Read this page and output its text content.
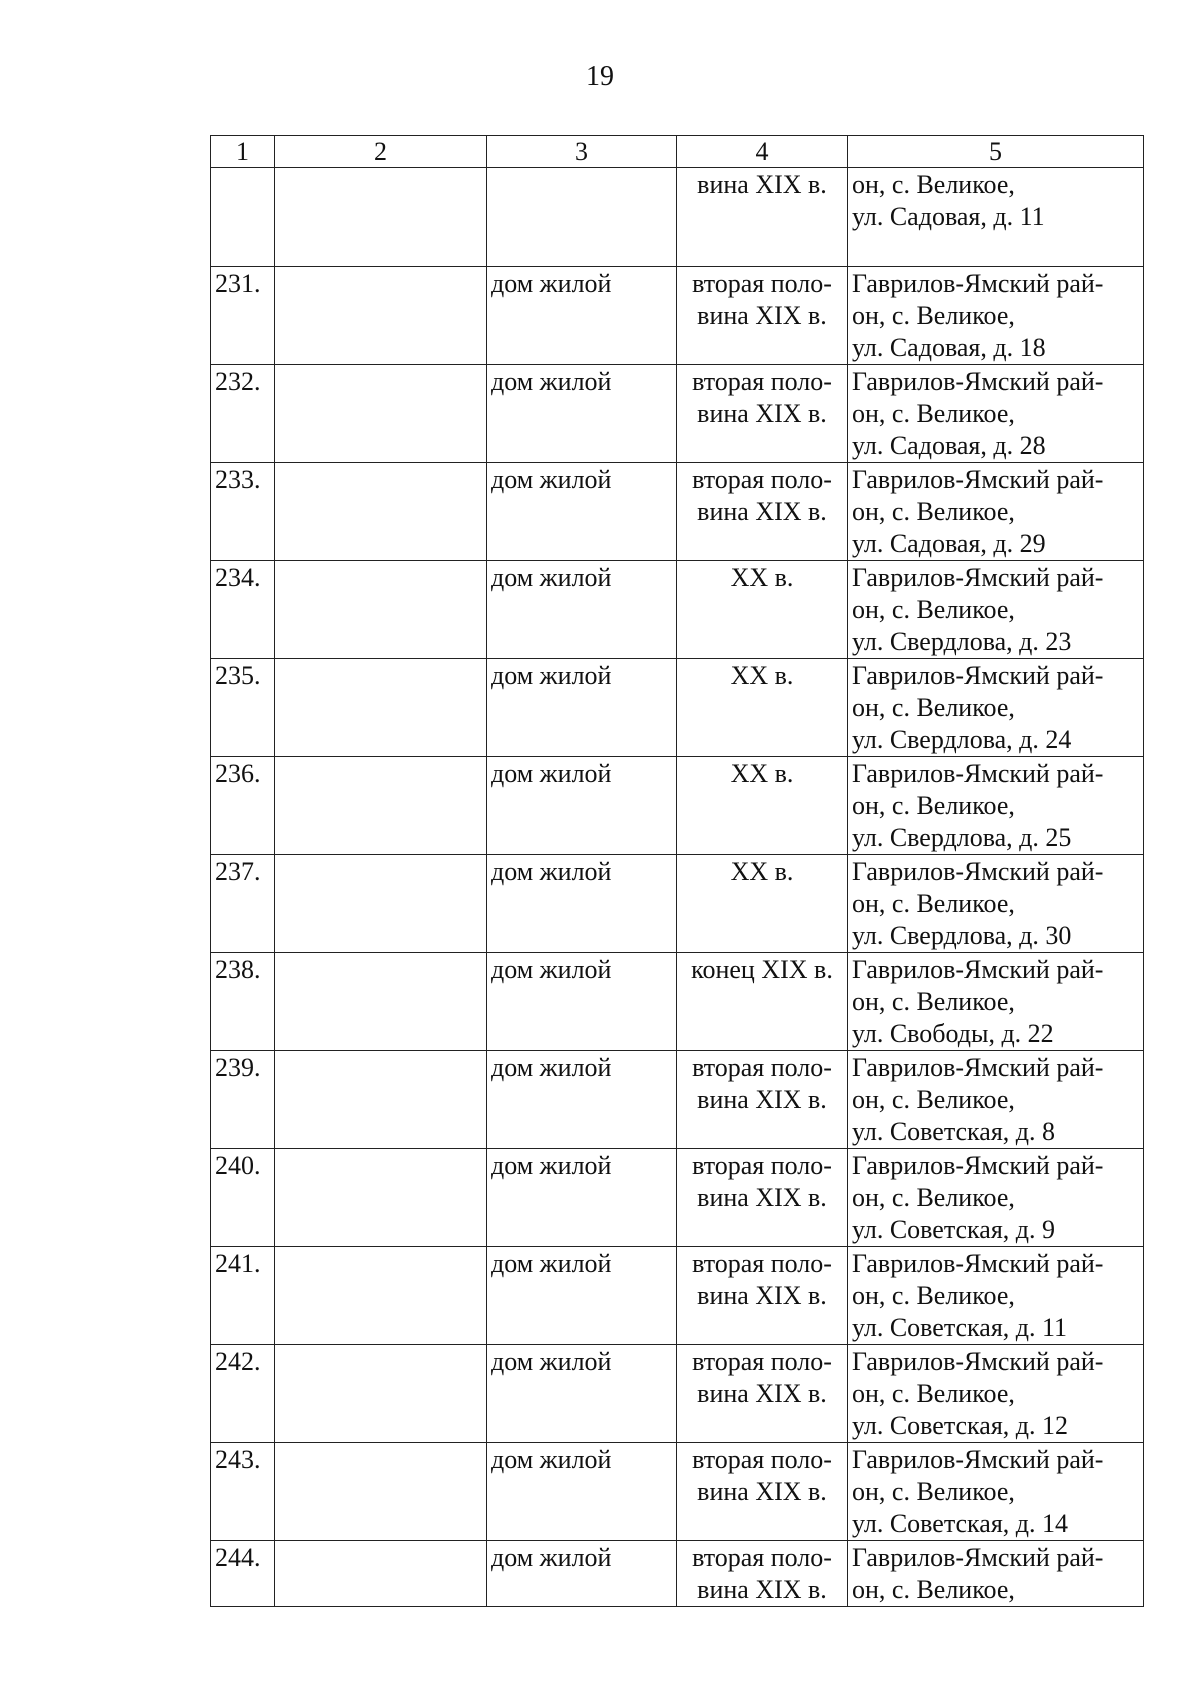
19
1	2	3	4	5

			вина XIX в.	он, с. Великое,
ул. Садовая, д. 11

231.		дом жилой	вторая поло-
вина XIX в.	Гаврилов-Ямский рай-
он, с. Великое,
ул. Садовая, д. 18

232.		дом жилой	вторая поло-
вина XIX в.	Гаврилов-Ямский рай-
он, с. Великое,
ул. Садовая, д. 28

233.		дом жилой	вторая поло-
вина XIX в.	Гаврилов-Ямский рай-
он, с. Великое,
ул. Садовая, д. 29

234.		дом жилой	XX в.	Гаврилов-Ямский рай-
он, с. Великое,
ул. Свердлова, д. 23

235.		дом жилой	XX в.	Гаврилов-Ямский рай-
он, с. Великое,
ул. Свердлова, д. 24

236.		дом жилой	XX в.	Гаврилов-Ямский рай-
он, с. Великое,
ул. Свердлова, д. 25

237.		дом жилой	XX в.	Гаврилов-Ямский рай-
он, с. Великое,
ул. Свердлова, д. 30

238.		дом жилой	конец XIX в.	Гаврилов-Ямский рай-
он, с. Великое,
ул. Свободы, д. 22

239.		дом жилой	вторая поло-
вина XIX в.	Гаврилов-Ямский рай-
он, с. Великое,
ул. Советская, д. 8

240.		дом жилой	вторая поло-
вина XIX в.	Гаврилов-Ямский рай-
он, с. Великое,
ул. Советская, д. 9

241.		дом жилой	вторая поло-
вина XIX в.	Гаврилов-Ямский рай-
он, с. Великое,
ул. Советская, д. 11

242.		дом жилой	вторая поло-
вина XIX в.	Гаврилов-Ямский рай-
он, с. Великое,
ул. Советская, д. 12

243.		дом жилой	вторая поло-
вина XIX в.	Гаврилов-Ямский рай-
он, с. Великое,
ул. Советская, д. 14

244.		дом жилой	вторая поло-
вина XIX в.	Гаврилов-Ямский рай-
он, с. Великое,
